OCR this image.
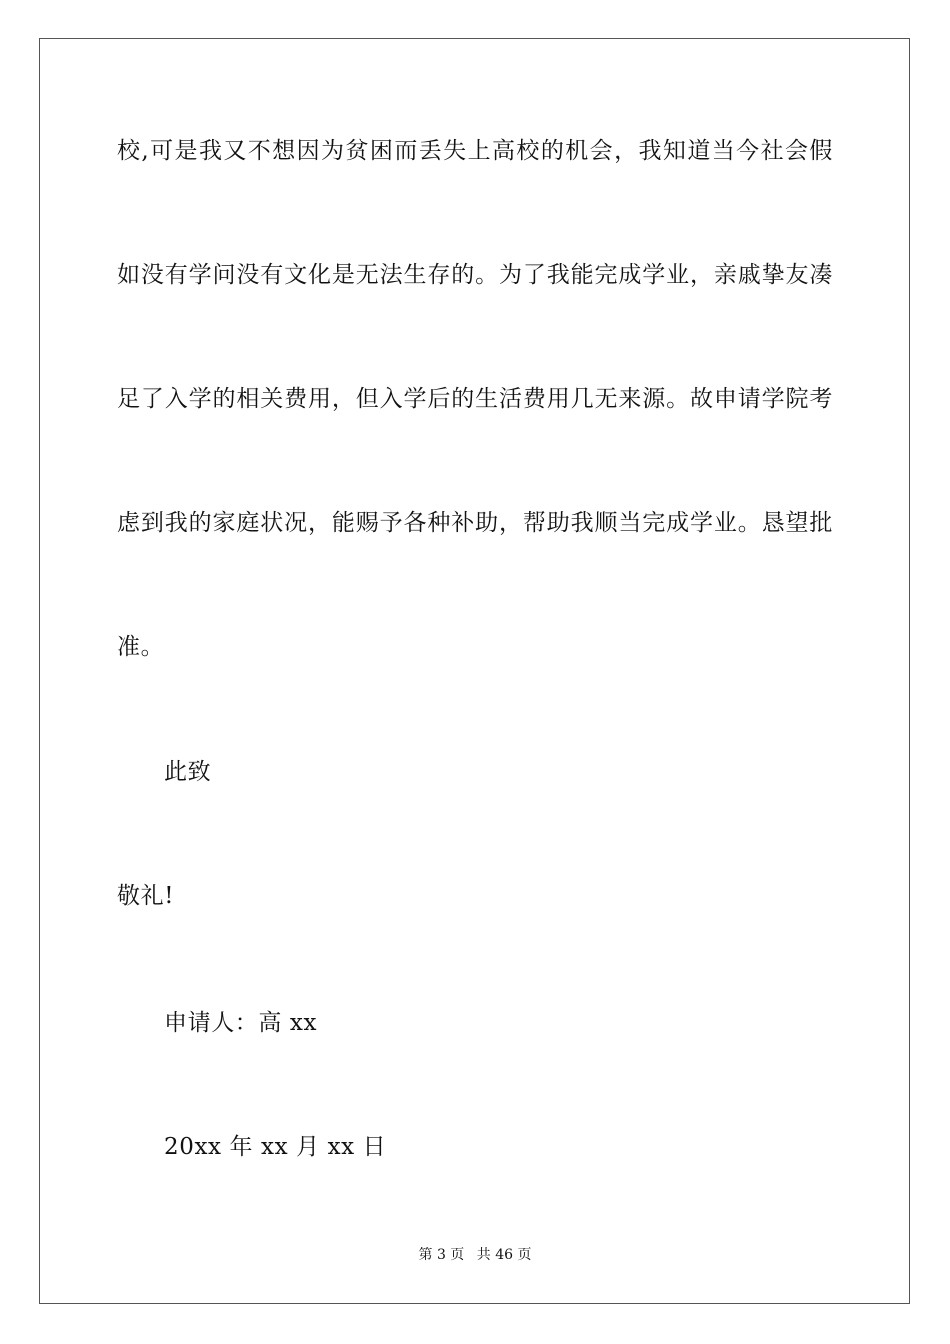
校,可是我又不想因为贫困而丢失上高校的机会，我知道当今社会假
如没有学问没有文化是无法生存的。为了我能完成学业，亲戚挚友凑
足了入学的相关费用，但入学后的生活费用几无来源。故申请学院考
虑到我的家庭状况，能赐予各种补助，帮助我顺当完成学业。恳望批
准。
此致
敬礼!
申请人：高 xx
20xx 年 xx 月 xx 日
第 3 页 共 46 页
